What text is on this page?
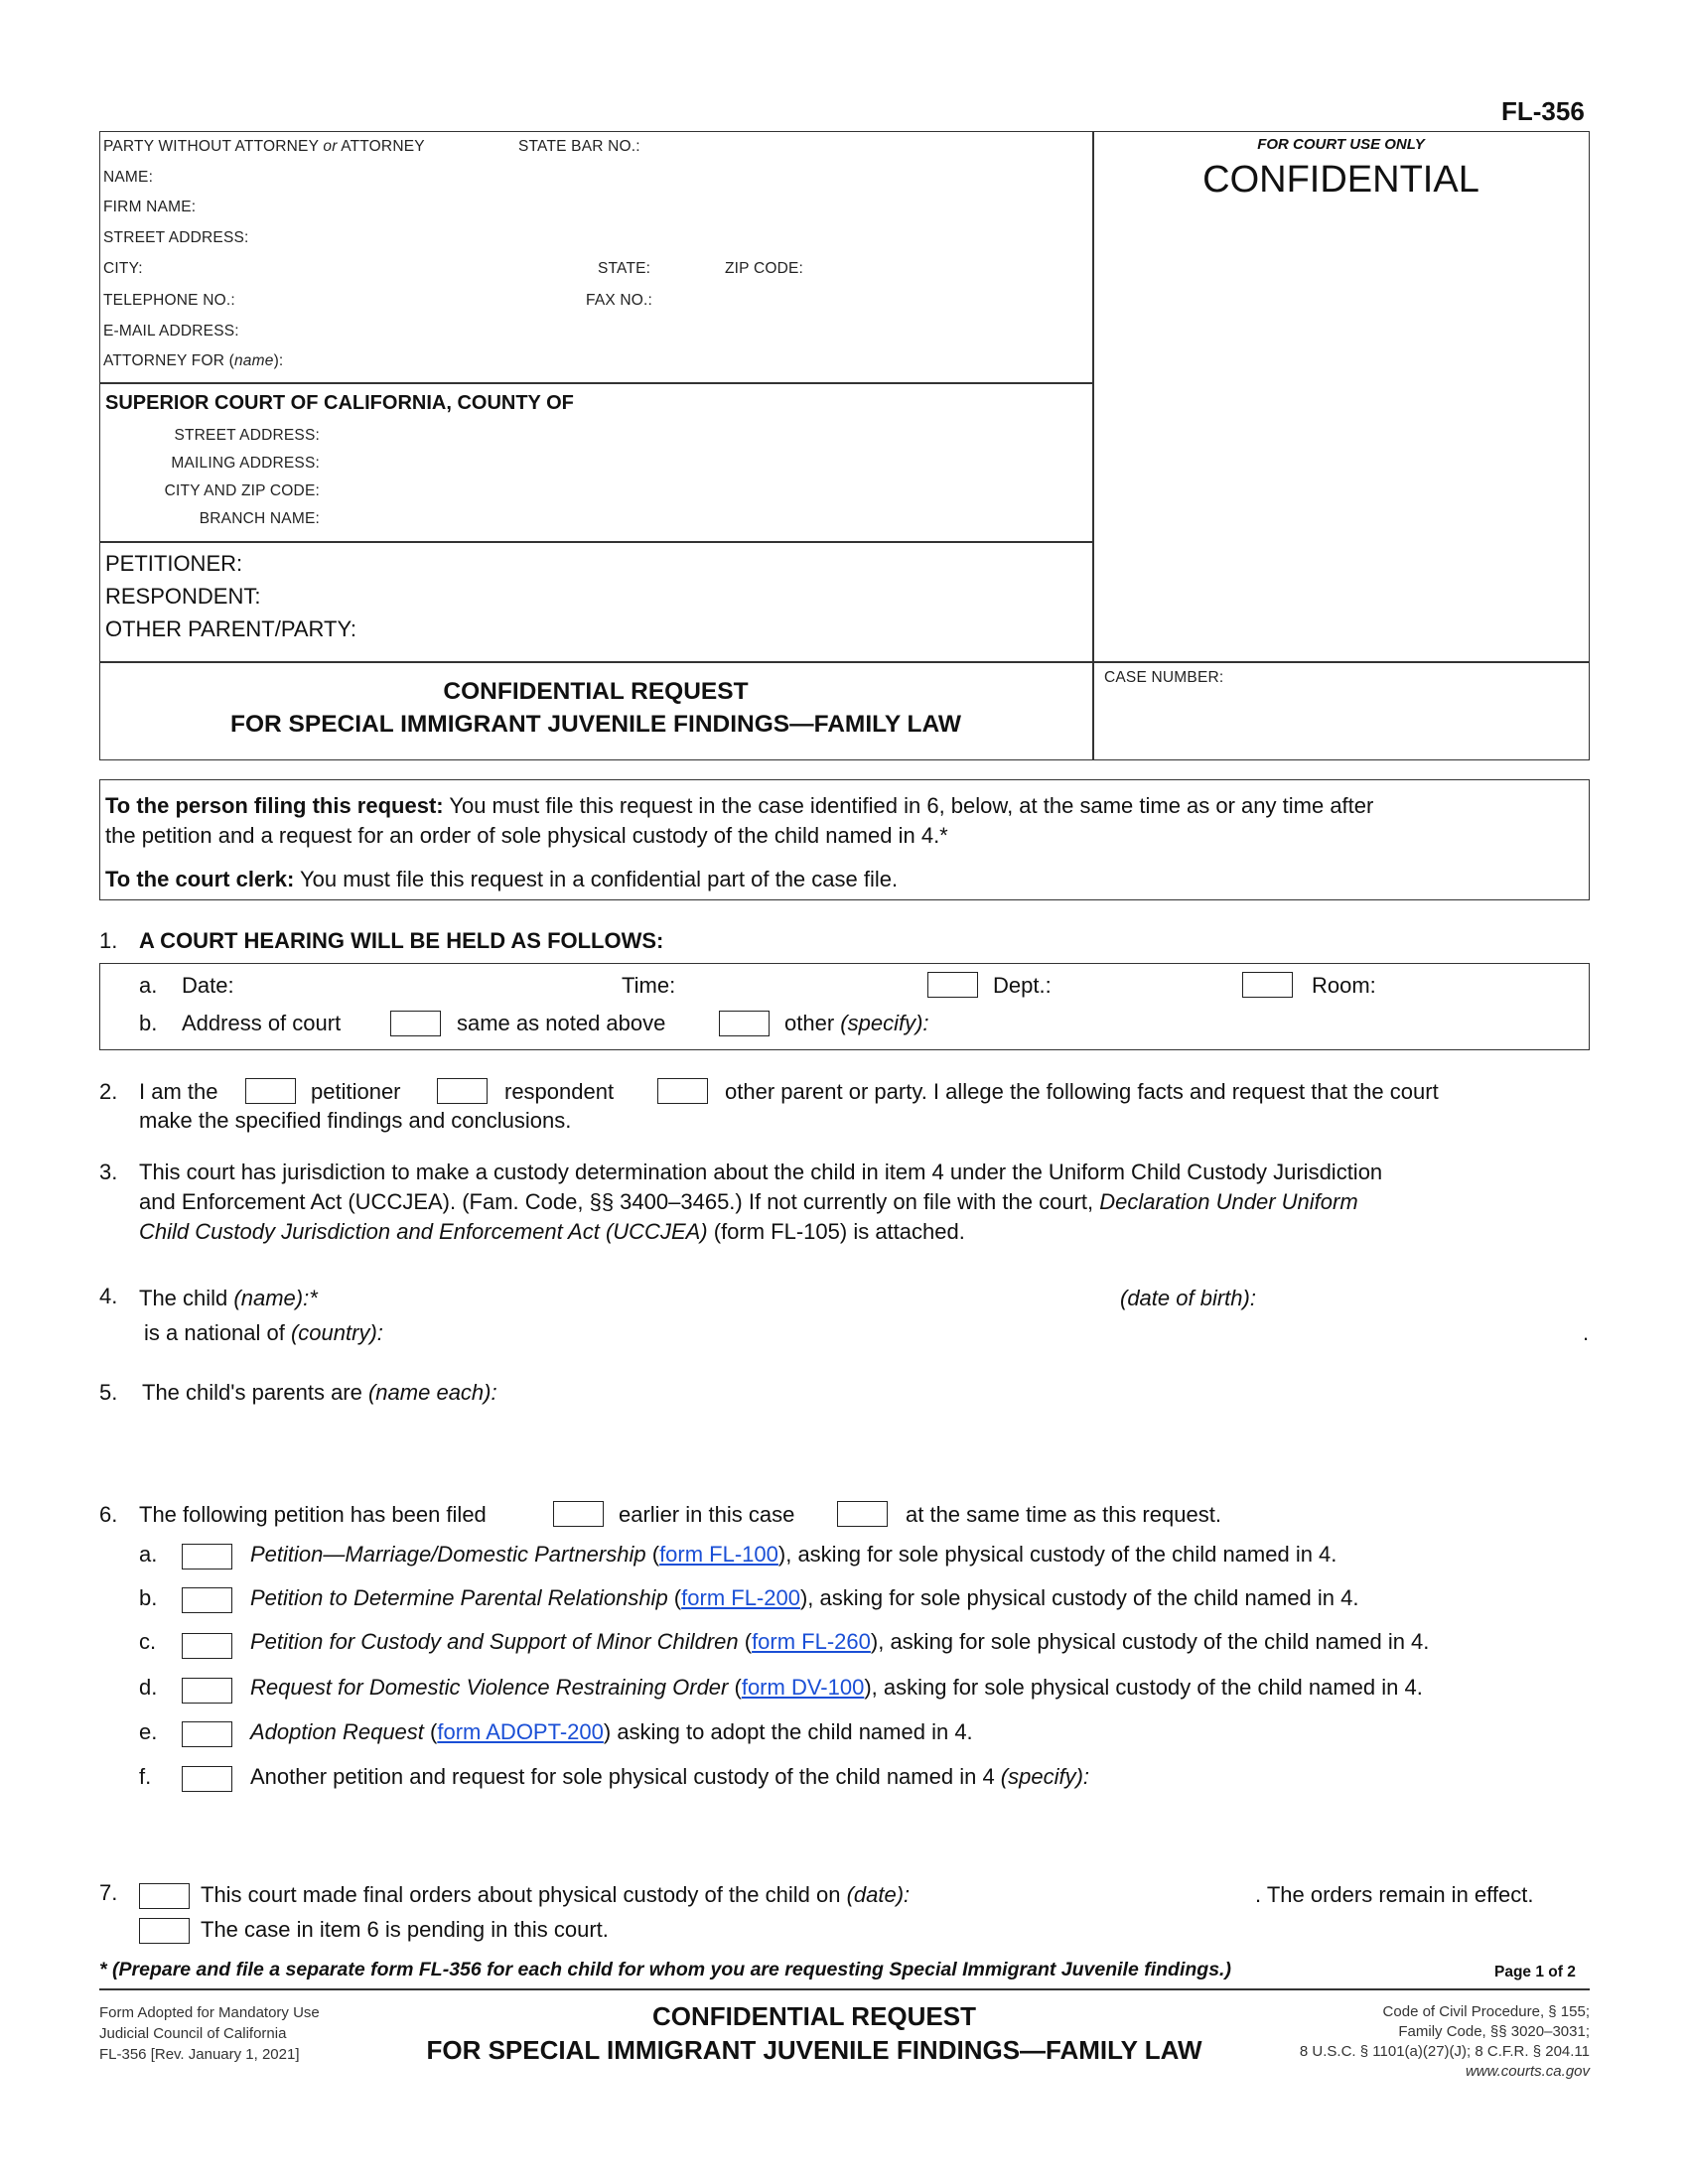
FL-356
PARTY WITHOUT ATTORNEY or ATTORNEY	STATE BAR NO.:
NAME:
FIRM NAME:
STREET ADDRESS:
CITY:	STATE:	ZIP CODE:
TELEPHONE NO.:	FAX NO.:
E-MAIL ADDRESS:
ATTORNEY FOR (name):
FOR COURT USE ONLY
CONFIDENTIAL
SUPERIOR COURT OF CALIFORNIA, COUNTY OF
STREET ADDRESS:
MAILING ADDRESS:
CITY AND ZIP CODE:
BRANCH NAME:
PETITIONER:
RESPONDENT:
OTHER PARENT/PARTY:
CONFIDENTIAL REQUEST
FOR SPECIAL IMMIGRANT JUVENILE FINDINGS—FAMILY LAW
CASE NUMBER:
To the person filing this request: You must file this request in the case identified in 6, below, at the same time as or any time after
the petition and a request for an order of sole physical custody of the child named in 4.*
To the court clerk: You must file this request in a confidential part of the case file.
1. A COURT HEARING WILL BE HELD AS FOLLOWS:
a. Date:	Time:	Dept.:	Room:
b. Address of court	same as noted above	other (specify):
2. I am the	petitioner	respondent	other parent or party. I allege the following facts and request that the court
make the specified findings and conclusions.
3. This court has jurisdiction to make a custody determination about the child in item 4 under the Uniform Child Custody Jurisdiction
and Enforcement Act (UCCJEA). (Fam. Code, §§ 3400–3465.) If not currently on file with the court, Declaration Under Uniform
Child Custody Jurisdiction and Enforcement Act (UCCJEA) (form FL-105) is attached.
4. The child (name):*	(date of birth):
is a national of (country):	.
5. The child's parents are (name each):
6. The following petition has been filed	earlier in this case	at the same time as this request.
a.	Petition—Marriage/Domestic Partnership (form FL-100), asking for sole physical custody of the child named in 4.
b.	Petition to Determine Parental Relationship (form FL-200), asking for sole physical custody of the child named in 4.
c.	Petition for Custody and Support of Minor Children (form FL-260), asking for sole physical custody of the child named in 4.
d.	Request for Domestic Violence Restraining Order (form DV-100), asking for sole physical custody of the child named in 4.
e.	Adoption Request (form ADOPT-200) asking to adopt the child named in 4.
f.	Another petition and request for sole physical custody of the child named in 4 (specify):
7.	This court made final orders about physical custody of the child on (date):	. The orders remain in effect.
The case in item 6 is pending in this court.
* (Prepare and file a separate form FL-356 for each child for whom you are requesting Special Immigrant Juvenile findings.)	Page 1 of 2
Form Adopted for Mandatory Use
Judicial Council of California
FL-356 [Rev. January 1, 2021]
CONFIDENTIAL REQUEST
FOR SPECIAL IMMIGRANT JUVENILE FINDINGS—FAMILY LAW
Code of Civil Procedure, § 155;
Family Code, §§ 3020–3031;
8 U.S.C. § 1101(a)(27)(J); 8 C.F.R. § 204.11
www.courts.ca.gov
